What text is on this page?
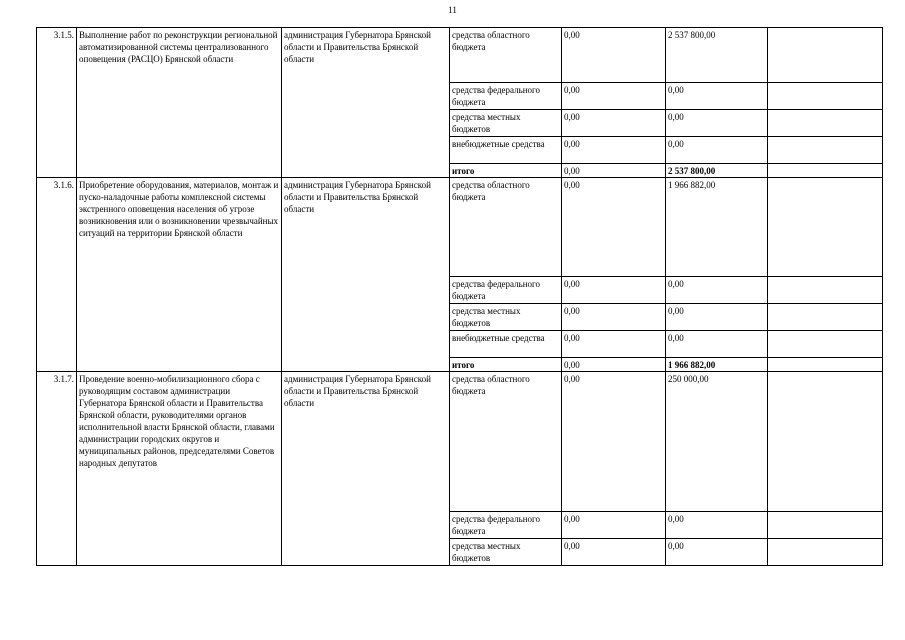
11
3.1.5.	Выполнение работ по реконструкции региональной автоматизированной системы централизованного оповещения (РАСЦО) Брянской области	администрация Губернатора Брянской области и Правительства Брянской области	средства областного бюджета	0,00	2 537 800,00	
			средства федерального бюджета	0,00	0,00	
			средства местных бюджетов	0,00	0,00	
			внебюджетные средства	0,00	0,00	
			итого	0,00	2 537 800,00	
3.1.6.	Приобретение оборудования, материалов, монтаж и пуско-наладочные работы комплексной системы экстренного оповещения населения об угрозе возникновения или о возникновении чрезвычайных ситуаций на территории Брянской области	администрация Губернатора Брянской области и Правительства Брянской области	средства областного бюджета	0,00	1 966 882,00	
			средства федерального бюджета	0,00	0,00	
			средства местных бюджетов	0,00	0,00	
			внебюджетные средства	0,00	0,00	
			итого	0,00	1 966 882,00	
3.1.7.	Проведение военно-мобилизационного сбора с руководящим составом администрации Губернатора Брянской области и Правительства Брянской области, руководителями органов исполнительной власти Брянской области, главами администрации городских округов и муниципальных районов, председателями Советов народных депутатов	администрация Губернатора Брянской области и Правительства Брянской области	средства областного бюджета	0,00	250 000,00	
			средства федерального бюджета	0,00	0,00	
			средства местных бюджетов	0,00	0,00	
